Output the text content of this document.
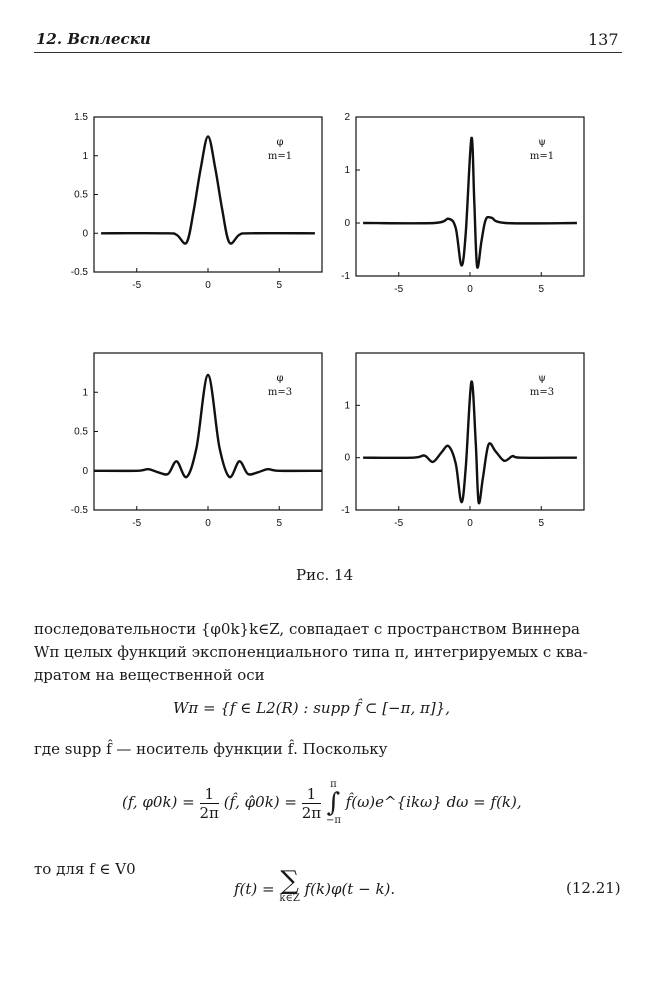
12. Всплески	137
1.5
1
0.5
0
-0.5
-5	0	5
φ
m=1
2
1
0
-1
-5	0	5
ψ
m=1
1
0.5
0
-0.5
-5	0	5
φ
m=3
1
0
-1
-5	0	5
ψ
m=3
Рис. 14
последовательности {φ0k}k∈Z, совпадает с пространством Виннера
Wπ целых функций экспоненциального типа π, интегрируемых с ква-
дратом на вещественной оси
Wπ = {f ∈ L2(R) : supp f̂ ⊂ [−π, π]},
где supp f̂ — носитель функции f̂. Поскольку
(f, $\varphi 0k) = \frac{1}{2\pi}$ (f̂, φ̂0k) = $\frac{1}{2\pi}$
π
∫
−π
f̂(ω)e^{ikω} dω = f(k),
то для f ∈ V0
f(t) = ∑
k∈Z
f(k)φ(t − k).	(12.21)
